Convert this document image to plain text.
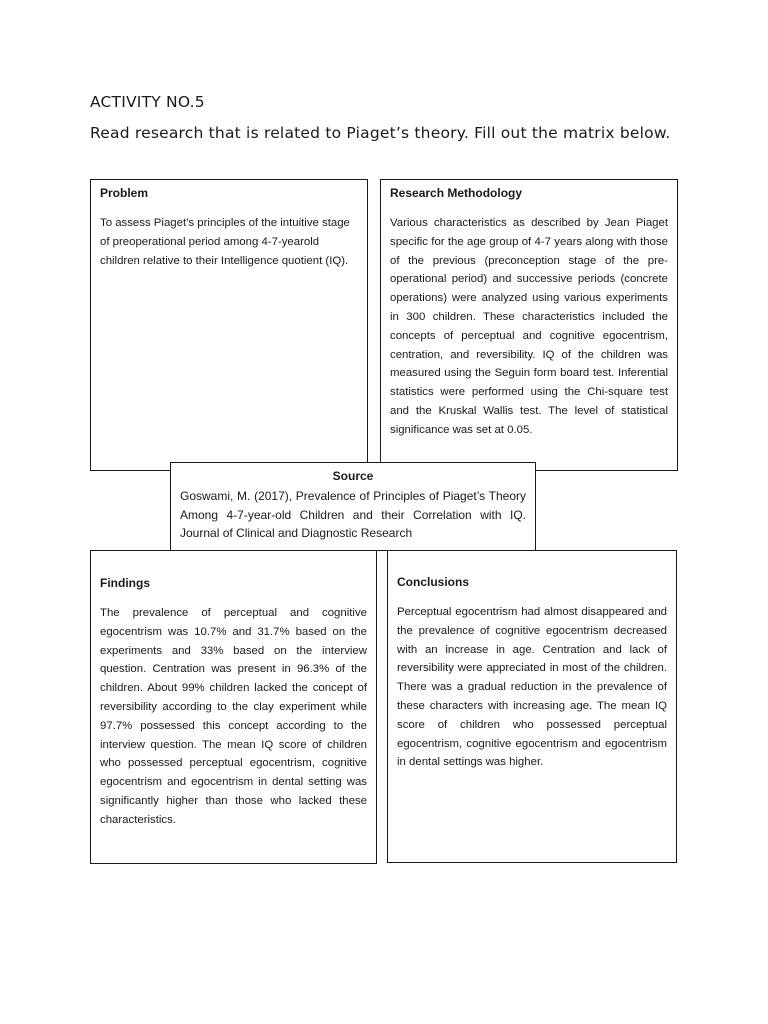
ACTIVITY NO.5
Read research that is related to Piaget’s theory. Fill out the matrix below.
Problem

To assess Piaget’s principles of the intuitive stage of preoperational period among 4-7-yearold children relative to their Intelligence quotient (IQ).

Research Methodology

Various characteristics as described by Jean Piaget specific for the age group of 4-7 years along with those of the previous (preconception stage of the pre-operational period) and successive periods (concrete operations) were analyzed using various experiments in 300 children. These characteristics included the concepts of perceptual and cognitive egocentrism, centration, and reversibility. IQ of the children was measured using the Seguin form board test. Inferential statistics were performed using the Chi-square test and the Kruskal Wallis test. The level of statistical significance was set at 0.05.

Findings

The prevalence of perceptual and cognitive egocentrism was 10.7% and 31.7% based on the experiments and 33% based on the interview question. Centration was present in 96.3% of the children. About 99% children lacked the concept of reversibility according to the clay experiment while 97.7% possessed this concept according to the interview question. The mean IQ score of children who possessed perceptual egocentrism, cognitive egocentrism and egocentrism in dental setting was significantly higher than those who lacked these characteristics.

Conclusions

Perceptual egocentrism had almost disappeared and the prevalence of cognitive egocentrism decreased with an increase in age. Centration and lack of reversibility were appreciated in most of the children. There was a gradual reduction in the prevalence of these characters with increasing age. The mean IQ score of children who possessed perceptual egocentrism, cognitive egocentrism and egocentrism in dental settings was higher.

Source

Goswami, M. (2017), Prevalence of Principles of Piaget’s Theory Among 4-7-year-old Children and their Correlation with IQ. Journal of Clinical and Diagnostic Research
